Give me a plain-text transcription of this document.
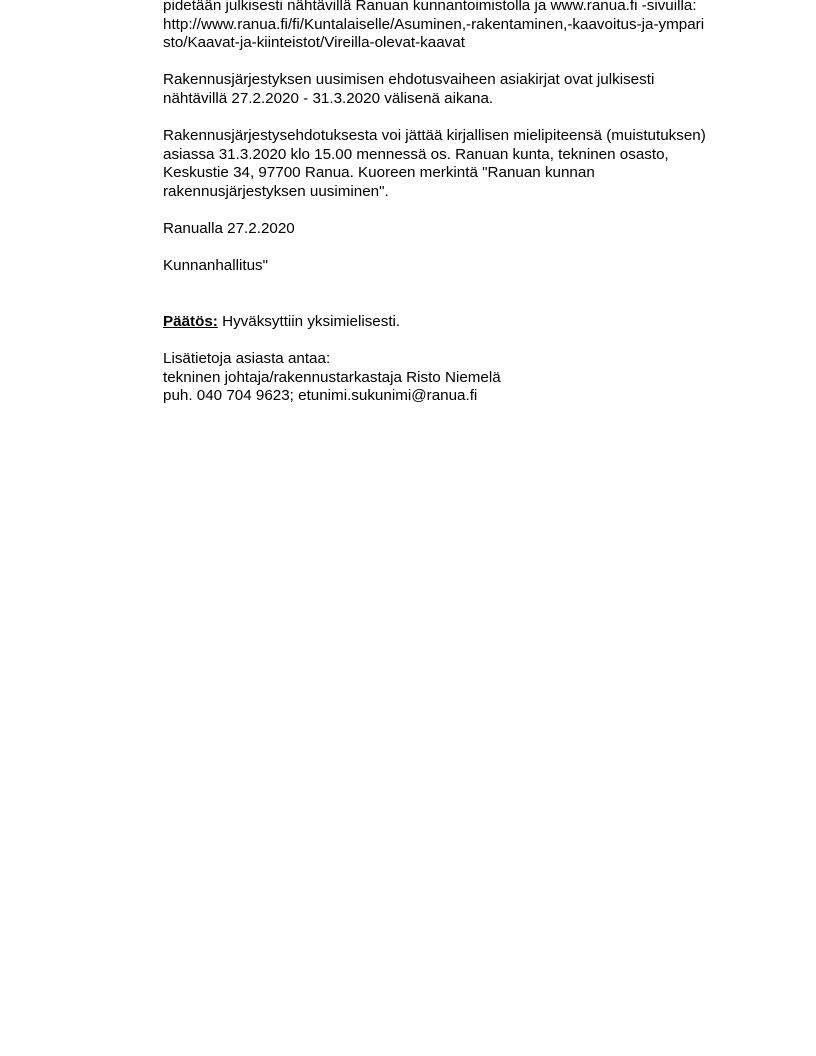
pidetään julkisesti nähtävillä Ranuan kunnantoimistolla ja www.ranua.fi -sivuilla:
http://www.ranua.fi/fi/Kuntalaiselle/Asuminen,-rakentaminen,-kaavoitus-ja-ympari
sto/Kaavat-ja-kiinteistot/Vireilla-olevat-kaavat

Rakennusjärjestyksen uusimisen ehdotusvaiheen asiakirjat ovat julkisesti
nähtävillä 27.2.2020 - 31.3.2020 välisenä aikana.

Rakennusjärjestysehdotuksesta voi jättää kirjallisen mielipiteensä (muistutuksen)
asiassa 31.3.2020 klo 15.00 mennessä os. Ranuan kunta, tekninen osasto,
Keskustie 34, 97700 Ranua. Kuoreen merkintä "Ranuan kunnan
rakennusjärjestyksen uusiminen".

Ranualla 27.2.2020

Kunnanhallitus"

Päätös: Hyväksyttiin yksimielisesti.

Lisätietoja asiasta antaa:
tekninen johtaja/rakennustarkastaja Risto Niemelä
puh. 040 704 9623; etunimi.sukunimi@ranua.fi
